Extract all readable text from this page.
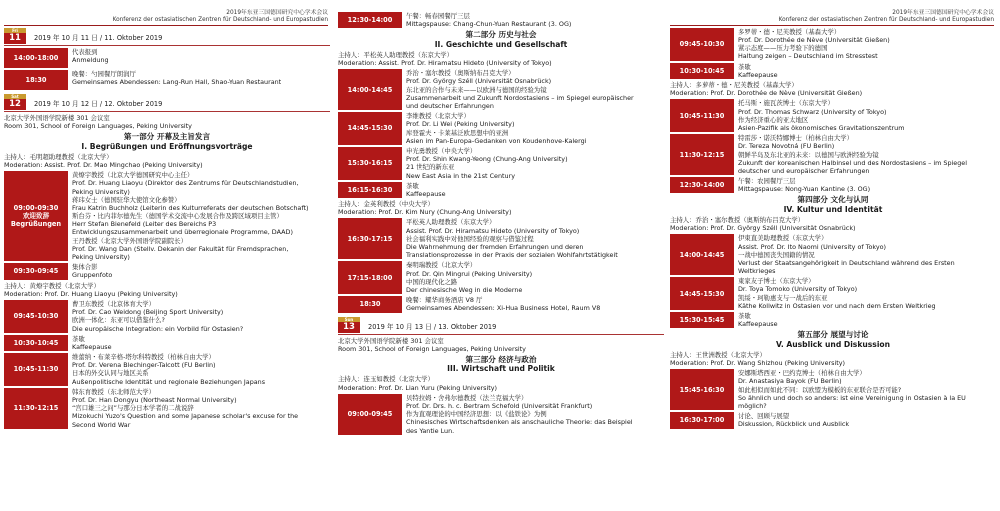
2019年东亚三国德国研究中心学术会议
Konferenz der ostasiatischen Zentren für Deutschland- und Europastudien
Fri
11	2019 年 10 月 11 日 / 11. Oktober 2019
14:00-18:00
代表报到
Anmeldung
18:30
晚餐：勺园餐厅朗润厅
Gemeinsames Abendessen: Lang-Run Hall, Shao-Yuan Restaurant
Sat
12	2019 年 10 月 12 日 / 12. Oktober 2019
北京大学外国语学院新楼 301 会议室
Room 301, School of Foreign Languages, Peking University
第一部分 开幕及主旨发言
I. Begrüßungen und Eröffnungsvorträge
主持人：毛明超助理教授（北京大学）
Moderation: Assist. Prof. Dr. Mao Mingchao (Peking University)
09:00-09:30
欢迎致辞
Begrüßungen
黄燎宇教授（北京大学德国研究中心主任）
Prof. Dr. Huang Liaoyu (Direktor des Zentrums für Deutschlandstudien,
Peking University)
蒋玮女士（德国驻华大使馆文化参赞）
Frau Katrin Buchholz (Leiterin des Kulturreferats der deutschen Botschaft)
斯台芬・比内菲尔德先生（德国学术交流中心发展合作及跨区域项目主管）
Herr Stefan Bienefeld (Leiter des Bereichs P3
Entwicklungszusammenarbeit und überregionale Programme, DAAD)
王丹教授（北京大学外国语学院副院长）
Prof. Dr. Wang Dan (Stellv. Dekanin der Fakultät für Fremdsprachen,
Peking University)
09:30-09:45
集体合影
Gruppenfoto
主持人：黄燎宇教授（北京大学）
Moderation: Prof. Dr. Huang Liaoyu (Peking University)
09:45-10:30
曹卫东教授（北京体育大学）
Prof. Dr. Cao Weidong (Beijing Sport University)
欧洲一体化：东亚可以借鉴什么?
Die europäische Integration: ein Vorbild für Ostasien?
10:30-10:45
茶歇
Kaffeepause
10:45-11:30
维蕾纳・布莱辛格-塔尔科特教授（柏林自由大学）
Prof. Dr. Verena Blechinger-Talcott (FU Berlin)
日本的外交认同与地区关系
Außenpolitische Identität und regionale Beziehungen Japans
11:30-12:15
韩东育教授（东北师范大学）
Prof. Dr. Han Dongyu (Northeast Normal University)
“宫口雄三之问”与那分日本学者的二战说辞
Mizokuchi Yuzo's Question and some Japanese scholar's excuse for the
Second World War
12:30-14:00
午餐：畅春园餐厅三层
Mittagspause: Chang-Chun-Yuan Restaurant (3. OG)
第二部分 历史与社会
II. Geschichte und Gesellschaft
主持人：平松英人助理教授（东京大学）
Moderation: Assist. Prof. Dr. Hiramatsu Hideto (University of Tokyo)
14:00-14:45
乔治・塞尔教授（奥斯纳布吕克大学）
Prof. Dr. György Széll (Universität Osnabrück)
东北亚的合作与未来——以欧洲与德国的经验为镜
Zusammenarbeit und Zukunft Nordostasiens – im Spiegel europäischer
und deutscher Erfahrungen
14:45-15:30
李维教授（北京大学）
Prof. Dr. Li Wei (Peking University)
库登霍夫・卡莱基泛欧思想中的亚洲
Asien im Pan-Europa-Gedanken von Koudenhove-Kalergi
15:30-16:15
申光勇教授（中央大学）
Prof. Dr. Shin Kwang-Yeong (Chung-Ang University)
21 世纪的新东亚
New East Asia in the 21st Century
16:15-16:30
茶歇
Kaffeepause
主持人：金英利教授（中央大学）
Moderation: Prof. Dr. Kim Nury (Chung-Ang University)
16:30-17:15
平松英人助理教授（东京大学）
Assist. Prof. Dr. Hiramatsu Hideto (University of Tokyo)
社会福利实践中对他国经验的观察与借鉴过程
Die Wahrnehmung der fremden Erfahrungen und deren
Translationsprozesse in der Praxis der sozialen Wohlfahrtstätigkeit
17:15-18:00
秦明瑞教授（北京大学）
Prof. Dr. Qin Mingrui (Peking University)
中国的现代化之路
Der chinesische Weg in die Moderne
18:30
晚餐：耀华商务酒店 V8 厅
Gemeinsames Abendessen: Xi-Hua Business Hotel, Raum V8
Sun
13	2019 年 10 月 13 日 / 13. Oktober 2019
北京大学外国语学院新楼 301 会议室
Room 301, School of Foreign Languages, Peking University
第三部分 经济与政治
III. Wirtschaft und Politik
主持人：连玉如教授（北京大学）
Moderation: Prof. Dr. Lian Yuru (Peking University)
09:00-09:45
贝特拉姆・舍弗尔德教授（法兰克福大学）
Prof. Dr. Drs. h. c. Bertram Schefold (Universität Frankfurt)
作为直观理论的中国经济思想：以《盐铁论》为例
Chinesisches Wirtschaftsdenken als anschauliche Theorie: das Beispiel
des Yantie Lun.
2019年东亚三国德国研究中心学术会议
Konferenz der ostasiatischen Zentren für Deutschland- und Europastudien
09:45-10:30
多罗蒂・德・尼芙教授（基森大学）
Prof. Dr. Dorothée de Nève (Universität Gießen)
紧示态度——压力考验下的德国
Haltung zeigen – Deutschland im Stresstest
10:30-10:45
茶歇
Kaffeepause
主持人：多萝蒂・德・尼芙教授（基森大学）
Moderation: Prof. Dr. Dorothée de Nève (Universität Gießen)
10:45-11:30
托马斯・施瓦茨博士（东京大学）
Prof. Dr. Thomas Schwarz (University of Tokyo)
作为经济重心的亚太地区
Asien-Pazifik als ökonomisches Gravitationszentrum
11:30-12:15
特雷莎・诺沃特娜博士（柏林自由大学）
Dr. Tereza Novotná (FU Berlin)
朝鲜半岛及东北亚的未来：以德国与欧洲经验为镜
Zukunft der koreanischen Halbinsel und des Nordostasiens – im Spiegel
deutscher und europäischer Erfahrungen
12:30-14:00
午餐：农园餐厅三层
Mittagspause: Nong-Yuan Kantine (3. OG)
第四部分 文化与认同
IV. Kultur und Identität
主持人：乔治・塞尔教授（奥斯纳布吕克大学）
Moderation: Prof. Dr. György Széll (Universität Osnabrück)
14:00-14:45
伊東直美助理教授（东京大学）
Assist. Prof. Dr. Ito Naomi (University of Tokyo)
一战中德国丧失国籍的情况
Verlust der Staatsangehörigkeit in Deutschland während des Ersten
Weltkrieges
14:45-15:30
東家友子博士（东京大学）
Dr. Toya Tomoko (University of Tokyo)
凯绥・珂勒惠支与一战后的东亚
Käthe Kollwitz in Ostasien vor und nach dem Ersten Weltkrieg
15:30-15:45
茶歇
Kaffeepause
第五部分 展望与讨论
V. Ausblick und Diskussion
主持人：王世洲教授（北京大学）
Moderation: Prof. Dr. Wang Shizhou (Peking University)
15:45-16:30
安娜斯塔西亚・巴约克博士（柏林自由大学）
Dr. Anastasiya Bayok (FU Berlin)
如此相似而如此不同：以欧盟为模板的东亚联合是否可能?
So ähnlich und doch so anders: ist eine Vereinigung in Ostasien à la EU
möglich?
16:30-17:00
讨论、回顾与展望
Diskussion, Rückblick und Ausblick
